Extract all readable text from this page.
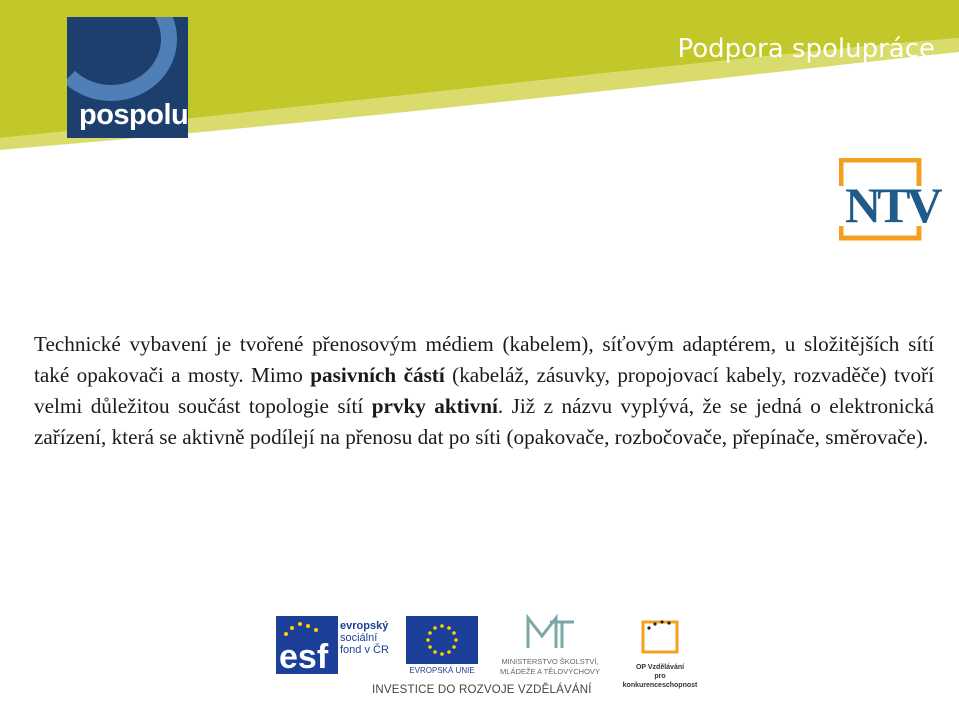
pospolu
Podpora spolupráce
škol a firem
NTV
Technické vybavení je tvořené přenosovým médiem (kabelem), síťovým adaptérem, u složitějších sítí také opakovači a mosty. Mimo pasivních částí (kabeláž, zásuvky, propojovací kabely, rozvaděče) tvoří velmi důležitou součást topologie sítí prvky aktivní. Již z názvu vyplývá, že se jedná o elektronická zařízení, která se aktivně podílejí na přenosu dat po síti (opakovače, rozbočovače, přepínače, směrovače).
esf
evropský
sociální
fond v ČR
EVROPSKÁ UNIE
MINISTERSTVO ŠKOLSTVÍ,
MLÁDEŽE A TĚLOVÝCHOVY	OP Vzdělávání
pro konkurenceschopnost
INVESTICE DO ROZVOJE VZDĚLÁVÁNÍ
